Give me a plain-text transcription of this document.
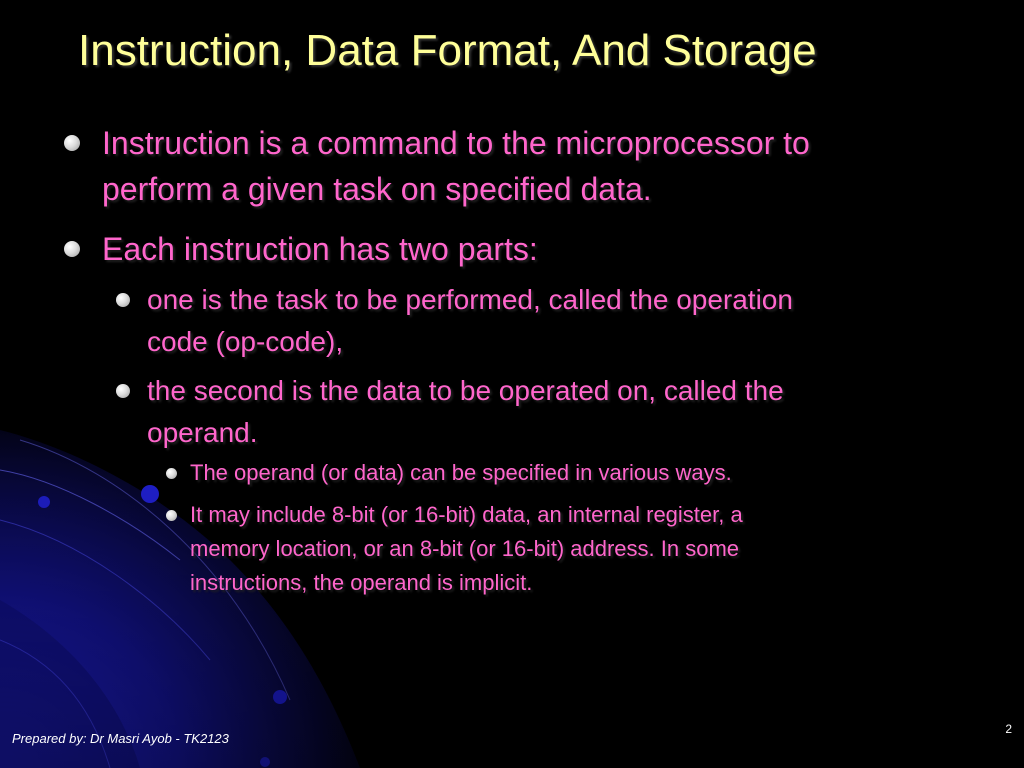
Instruction, Data Format, And Storage
Instruction is a command to the microprocessor to
perform a given task on specified data.
Each instruction has two parts:
one is the task to be performed, called the operation
code (op-code),
the second is the data to be operated on, called the
operand.
The operand (or data) can be specified in various ways.
It may include 8-bit (or 16-bit) data, an internal register, a
memory location, or an 8-bit (or 16-bit) address. In some
instructions, the operand is implicit.
Prepared by: Dr Masri Ayob - TK2123
2
